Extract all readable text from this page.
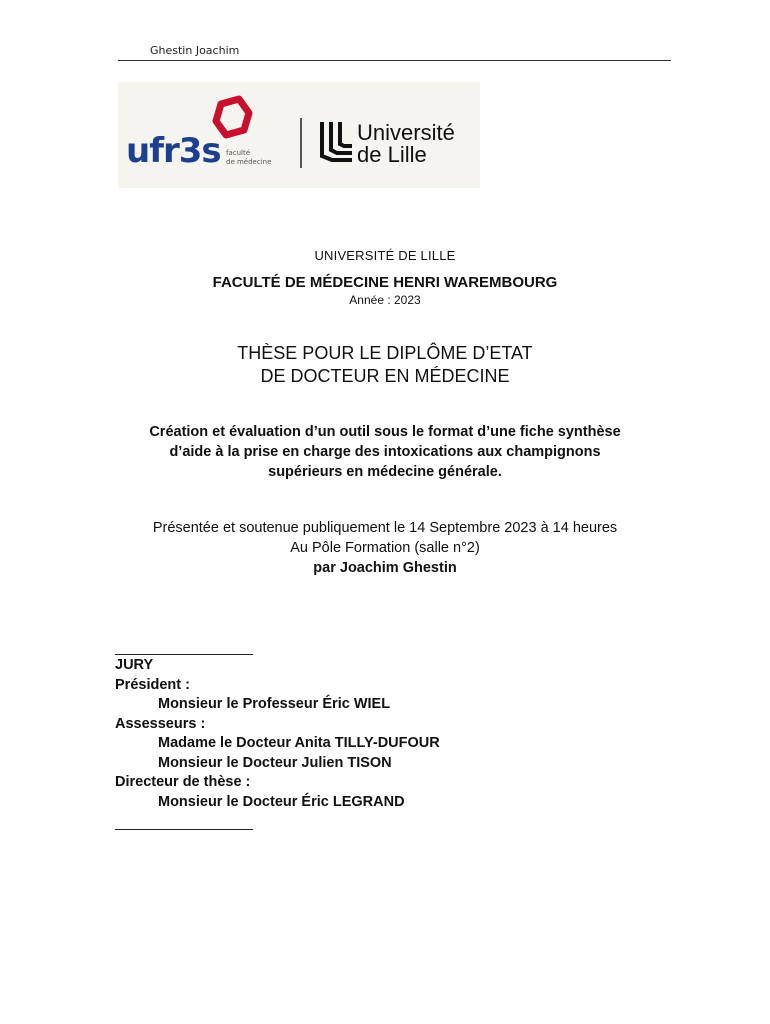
Ghestin Joachim
ufr3s faculté
de médecine
Université
de Lille
UNIVERSITÉ DE LILLE
FACULTÉ DE MÉDECINE HENRI WAREMBOURG
Année : 2023
THÈSE POUR LE DIPLÔME D’ETAT
DE DOCTEUR EN MÉDECINE
Création et évaluation d’un outil sous le format d’une fiche synthèse
d’aide à la prise en charge des intoxications aux champignons
supérieurs en médecine générale.
Présentée et soutenue publiquement le 14 Septembre 2023 à 14 heures
Au Pôle Formation (salle n°2)
par Joachim Ghestin
JURY
Président :
Monsieur le Professeur Éric WIEL
Assesseurs :
Madame le Docteur Anita TILLY-DUFOUR
Monsieur le Docteur Julien TISON
Directeur de thèse :
Monsieur le Docteur Éric LEGRAND
